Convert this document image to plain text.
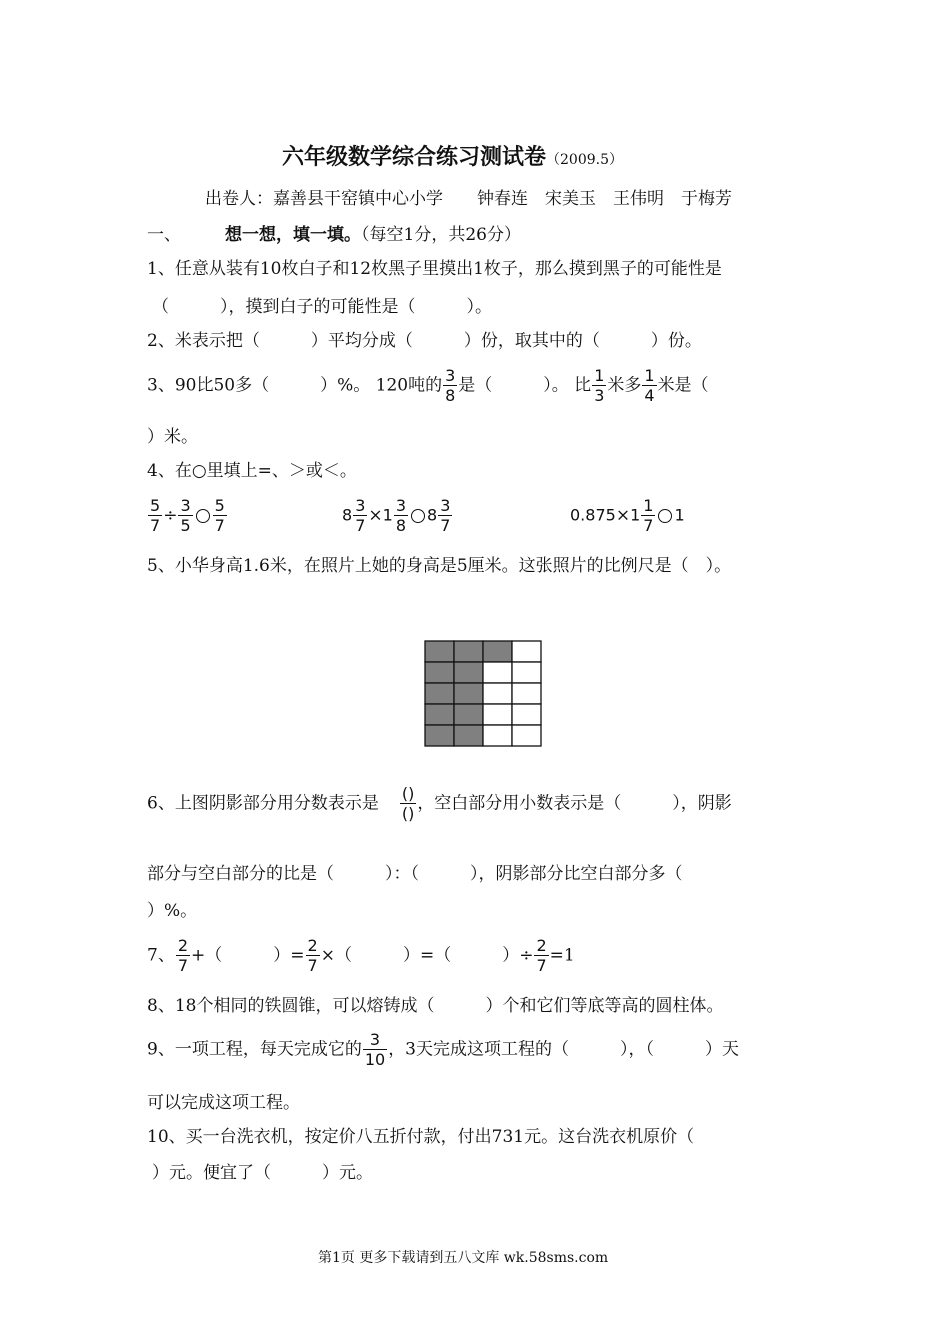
六年级数学综合练习测试卷（2009.5）
出卷人：嘉善县干窑镇中心小学　　钟春连　宋美玉　王伟明　于梅芳
一、	想一想，填一填。（每空1分，共26分）
1、任意从装有10枚白子和12枚黑子里摸出1枚子，那么摸到黑子的可能性是
（　　　），摸到白子的可能性是（　　　）。
2、米表示把（　　　）平均分成（　　　）份，取其中的（　　　）份。
3、90比50多（　　　）%。 120吨的 $\frac{3}{8}$ 是（　　　）。 比 $\frac{1}{3}$ 米多 $\frac{1}{4}$ 米是（
）米。
4、在○里填上=、＞或＜。
$\frac{5}{7} \div \frac{3}{5} \frac{5}{7}$	$8 \frac{3}{7} \times 1 \frac{3}{8} 8 \frac{3}{7}$	$0.875\times 1 \frac{1}{7} 1$
5、小华身高1.6米，在照片上她的身高是5厘米。这张照片的比例尺是（　）。
6、上图阴影部分用分数表示是 $\frac{()}{()}$ ，空白部分用小数表示是（　　　），阴影
部分与空白部分的比是（　　　）：（　　　），阴影部分比空白部分多（
）%。
7、 $\frac{2}{7}$ +（　　　）= $\frac{2}{7}$ ×（　　　）=（　　　）÷ $\frac{2}{7} =1$
8、18个相同的铁圆锥，可以熔铸成（　　　）个和它们等底等高的圆柱体。
9、一项工程，每天完成它的 $\frac{3}{10}$ ，3天完成这项工程的（　　　），（　　　）天
可以完成这项工程。
10、买一台洗衣机，按定价八五折付款，付出731元。这台洗衣机原价（
）元。便宜了（　　　）元。
第1页 更多下载请到五八文库 wk.58sms.com
